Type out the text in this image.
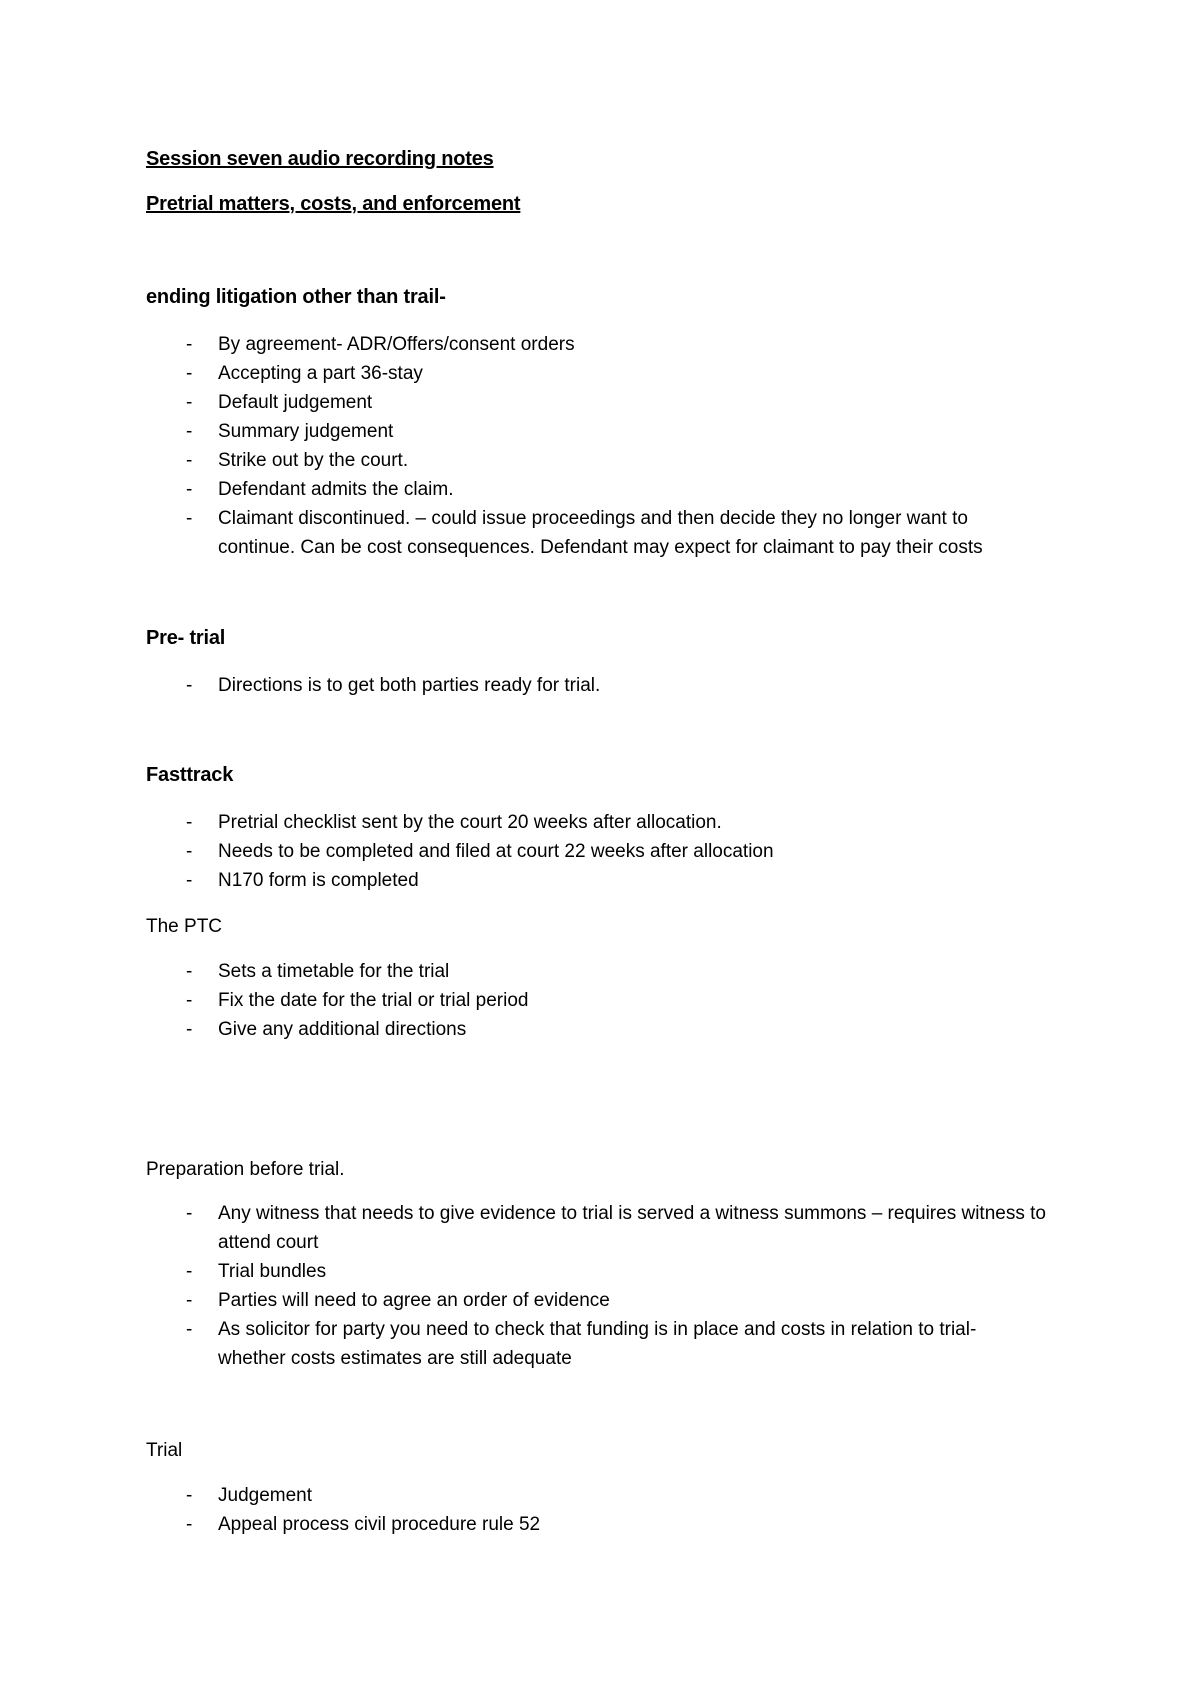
Session seven audio recording notes
Pretrial matters, costs, and enforcement
ending litigation other than trail-
-	By agreement- ADR/Offers/consent orders
-	Accepting a part 36-stay
-	Default judgement
-	Summary judgement
-	Strike out by the court.
-	Defendant admits the claim.
-	Claimant discontinued. – could issue proceedings and then decide they no longer want to continue. Can be cost consequences. Defendant may expect for claimant to pay their costs
Pre- trial
-	Directions is to get both parties ready for trial.
Fasttrack
-	Pretrial checklist sent by the court 20 weeks after allocation.
-	Needs to be completed and filed at court 22 weeks after allocation
-	N170 form is completed
The PTC
-	Sets a timetable for the trial
-	Fix the date for the trial or trial period
-	Give any additional directions
Preparation before trial.
-	Any witness that needs to give evidence to trial is served a witness summons – requires witness to attend court
-	Trial bundles
-	Parties will need to agree an order of evidence
-	As solicitor for party you need to check that funding is in place and costs in relation to trial- whether costs estimates are still adequate
Trial
-	Judgement
-	Appeal process civil procedure rule 52
